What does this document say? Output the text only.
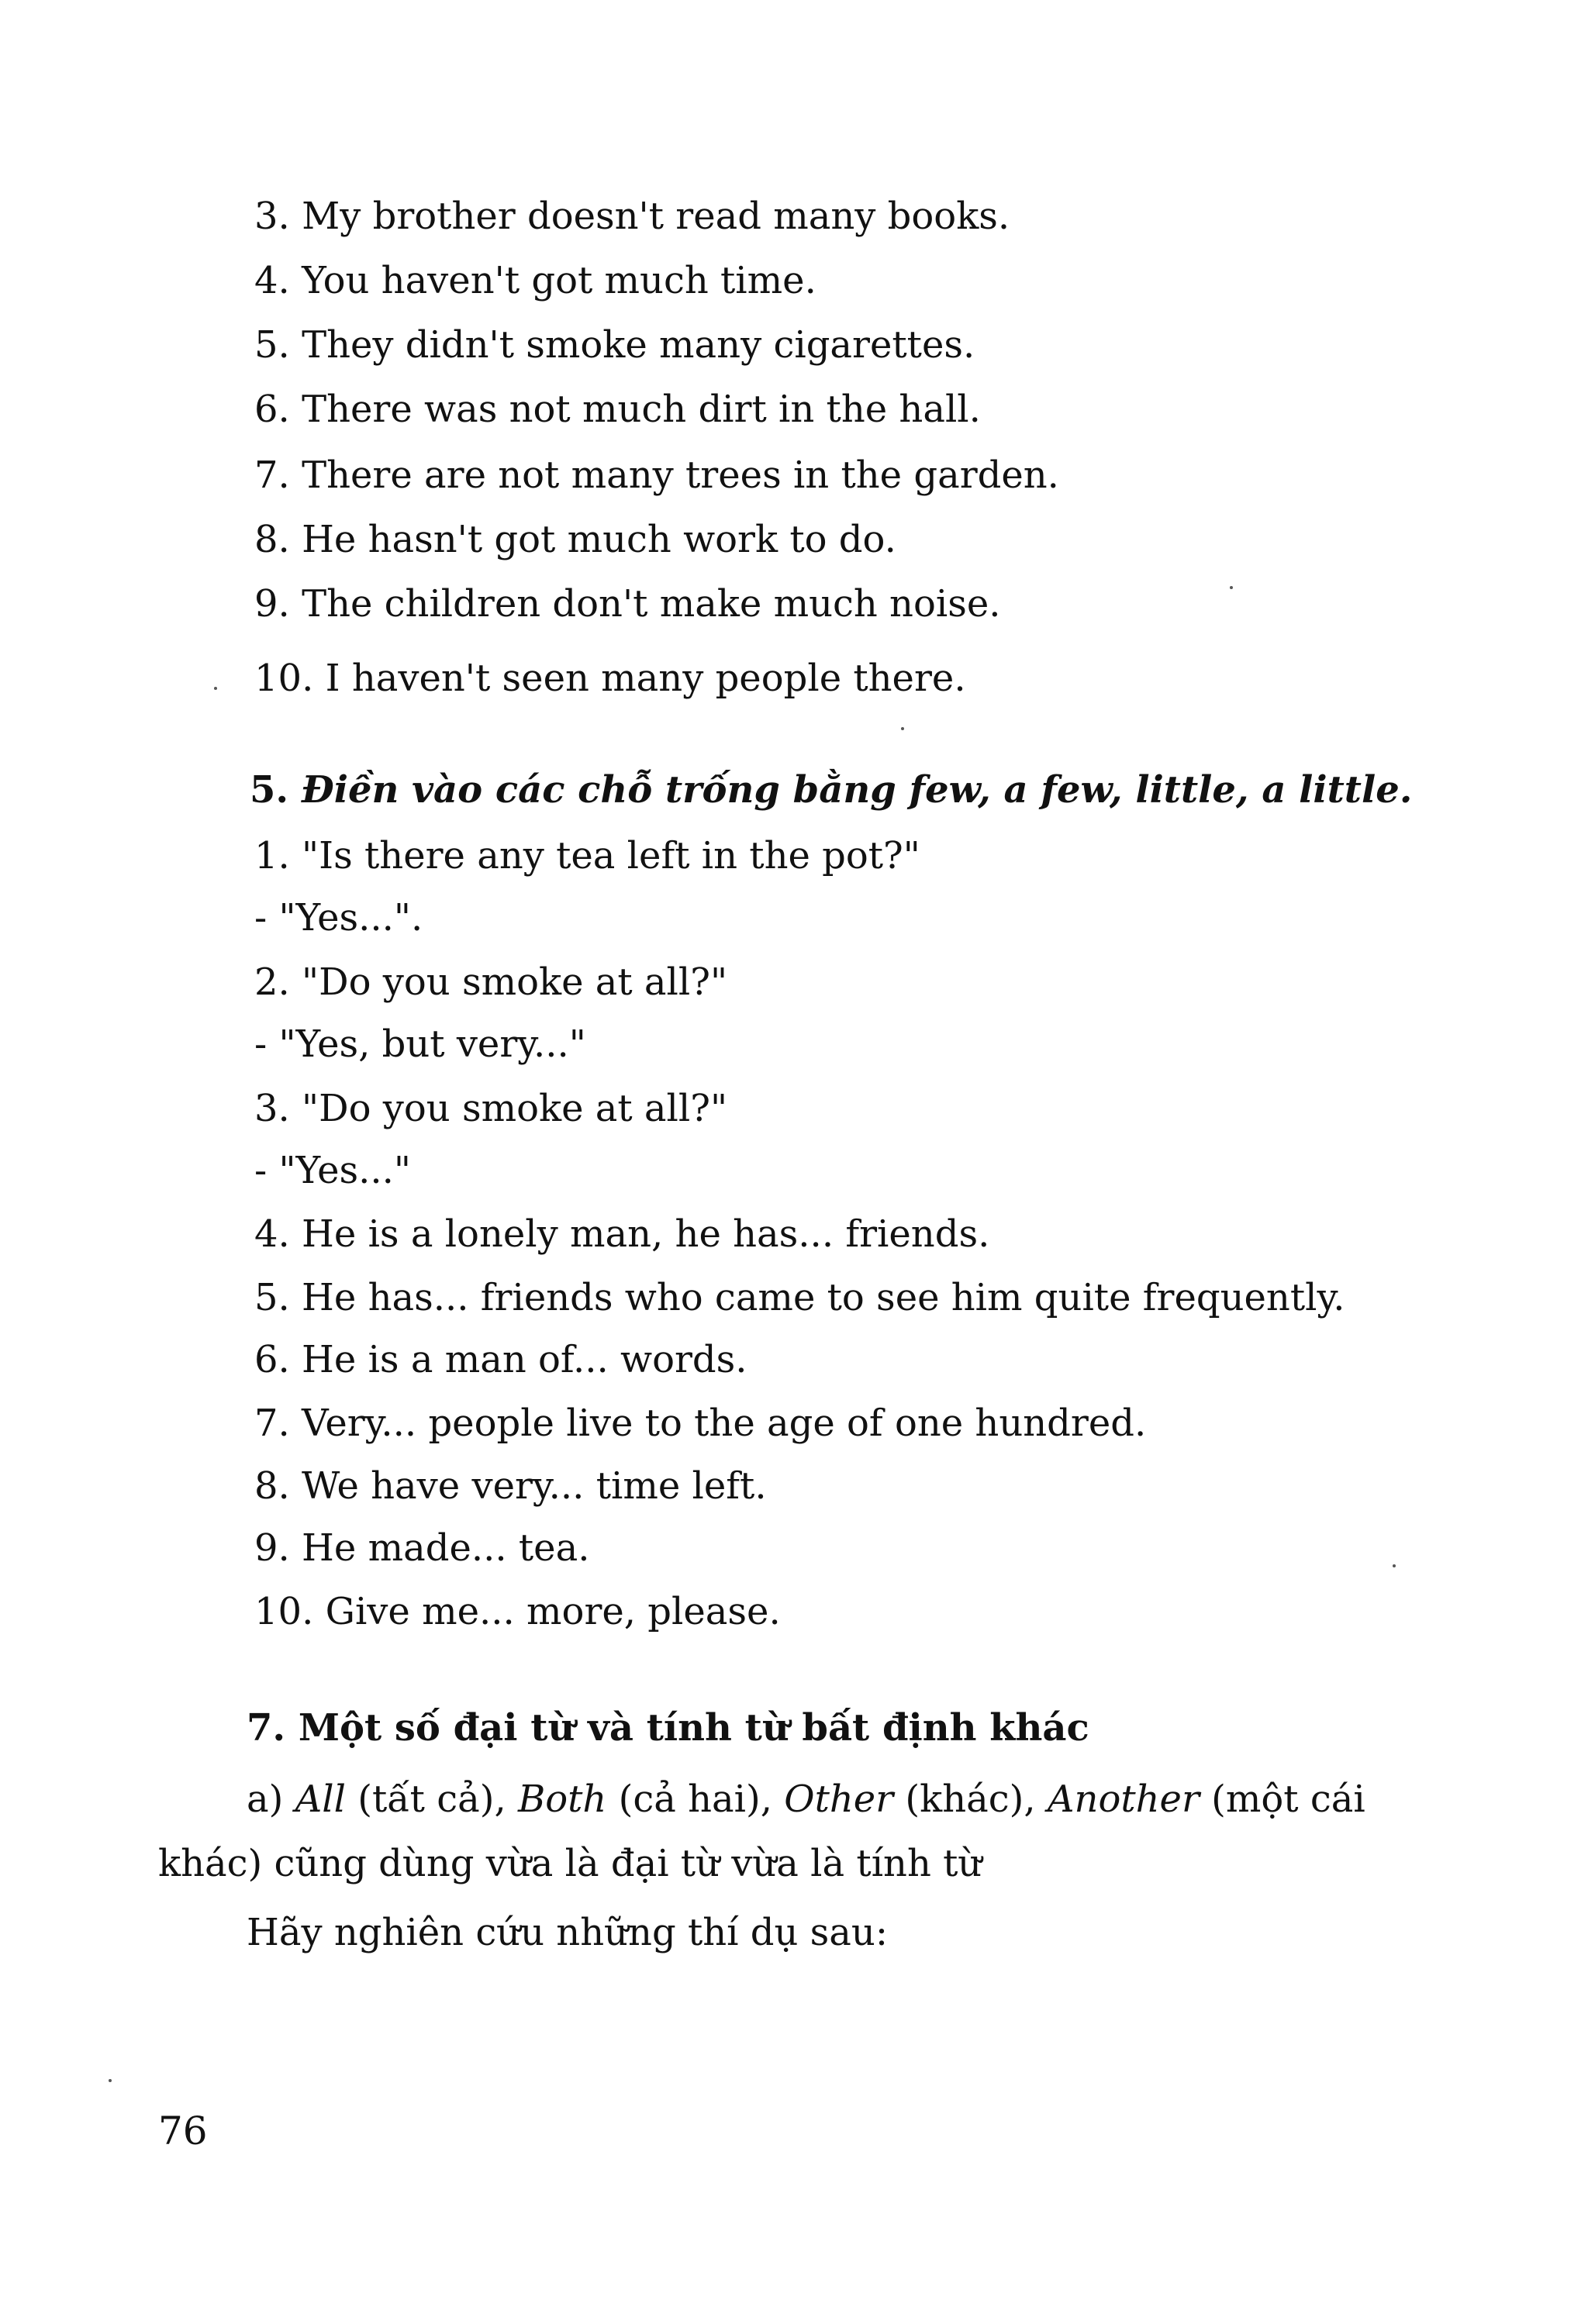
3. My brother doesn't read many books.
4. You haven't got much time.
5. They didn't smoke many cigarettes.
6. There was not much dirt in the hall.
7. There are not many trees in the garden.
8. He hasn't got much work to do.
9. The children don't make much noise.
10. I haven't seen many people there.
5. Điền vào các chỗ trống bằng few, a few, little, a little.
1. "Is there any tea left in the pot?"
- "Yes...".
2. "Do you smoke at all?"
- "Yes, but very..."
3. "Do you smoke at all?"
- "Yes..."
4. He is a lonely man, he has... friends.
5. He has... friends who came to see him quite frequently.
6. He is a man of... words.
7. Very... people live to the age of one hundred.
8. We have very... time left.
9. He made... tea.
10. Give me... more, please.
7. Một số đại từ và tính từ bất định khác
a) All (tất cả), Both (cả hai), Other (khác), Another (một cái
khác) cũng dùng vừa là đại từ vừa là tính từ
Hãy nghiên cứu những thí dụ sau:
76
